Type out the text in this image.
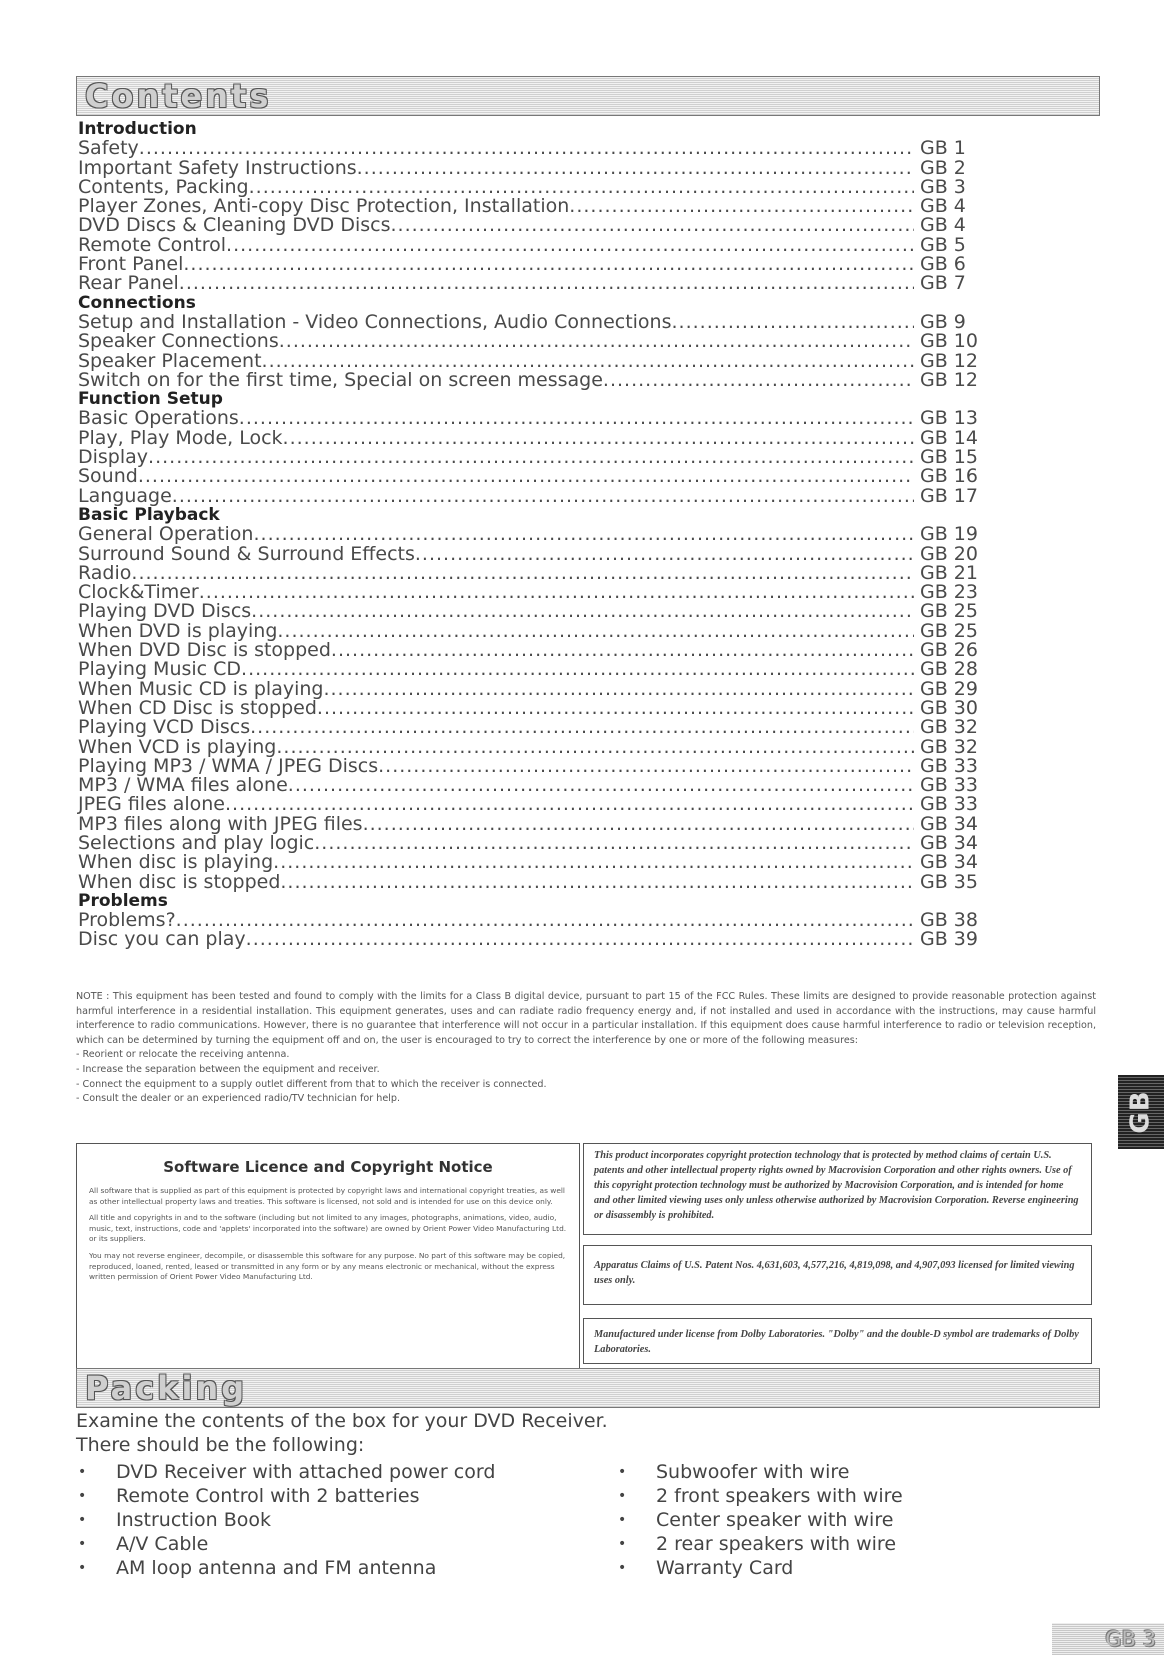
Contents
Introduction
Safety .....	GB 1
Important Safety Instructions .....	GB 2
Contents, Packing .....	GB 3
Player Zones, Anti-copy Disc Protection, Installation .....	GB 4
DVD Discs & Cleaning DVD Discs .....	GB 4
Remote Control .....	GB 5
Front Panel .....	GB 6
Rear Panel .....	GB 7
Connections
Setup and Installation - Video Connections, Audio Connections .....	GB 9
Speaker Connections .....	GB 10
Speaker Placement .....	GB 12
Switch on for the first time, Special on screen message .....	GB 12
Function Setup
Basic Operations .....	GB 13
Play, Play Mode, Lock .....	GB 14
Display .....	GB 15
Sound .....	GB 16
Language .....	GB 17
Basic Playback
General Operation .....	GB 19
Surround Sound & Surround Effects .....	GB 20
Radio .....	GB 21
Clock&Timer .....	GB 23
Playing DVD Discs .....	GB 25
When DVD is playing .....	GB 25
When DVD Disc is stopped .....	GB 26
Playing Music CD .....	GB 28
When Music CD is playing .....	GB 29
When CD Disc is stopped .....	GB 30
Playing VCD Discs .....	GB 32
When VCD is playing .....	GB 32
Playing MP3 / WMA / JPEG Discs .....	GB 33
MP3 / WMA files alone .....	GB 33
JPEG files alone .....	GB 33
MP3 files along with JPEG files .....	GB 34
Selections and play logic .....	GB 34
When disc is playing .....	GB 34
When disc is stopped .....	GB 35
Problems
Problems? .....	GB 38
Disc you can play .....	GB 39

NOTE : This equipment has been tested and found to comply with the limits for a Class B digital device, pursuant to part 15 of the FCC Rules. These limits are designed to provide reasonable protection against harmful interference in a residential installation. This equipment generates, uses and can radiate radio frequency energy and, if not installed and used in accordance with the instructions, may cause harmful interference to radio communications. However, there is no guarantee that interference will not occur in a particular installation. If this equipment does cause harmful interference to radio or television reception, which can be determined by turning the equipment off and on, the user is encouraged to try to correct the interference by one or more of the following measures:

- Reorient or relocate the receiving antenna.

- Increase the separation between the equipment and receiver.

- Connect the equipment to a supply outlet different from that to which the receiver is connected.

- Consult the dealer or an experienced radio/TV technician for help.

Software Licence and Copyright Notice

All software that is supplied as part of this equipment is protected by copyright laws and international copyright treaties, as well as other intellectual property laws and treaties. This software is licensed, not sold and is intended for use on this device only.

All title and copyrights in and to the software (including but not limited to any images, photographs, animations, video, audio, music, text, instructions, code and 'applets' incorporated into the software) are owned by Orient Power Video Manufacturing Ltd. or its suppliers.

You may not reverse engineer, decompile, or disassemble this software for any purpose. No part of this software may be copied, reproduced, loaned, rented, leased or transmitted in any form or by any means electronic or mechanical, without the express written permission of Orient Power Video Manufacturing Ltd.

This product incorporates copyright protection technology that is protected by method claims of certain U.S. patents and other intellectual property rights owned by Macrovision Corporation and other rights owners. Use of this copyright protection technology must be authorized by Macrovision Corporation, and is intended for home and other limited viewing uses only unless otherwise authorized by Macrovision Corporation. Reverse engineering or disassembly is prohibited.

Apparatus Claims of U.S. Patent Nos. 4,631,603, 4,577,216, 4,819,098, and 4,907,093 licensed for limited viewing uses only.

Manufactured under license from Dolby Laboratories. "Dolby" and the double-D symbol are trademarks of Dolby Laboratories.

Packing

Examine the contents of the box for your DVD Receiver.

There should be the following:

• DVD Receiver with attached power cord
• Remote Control with 2 batteries
• Instruction Book
• A/V Cable
• AM loop antenna and FM antenna
• Subwoofer with wire
• 2 front speakers with wire
• Center speaker with wire
• 2 rear speakers with wire
• Warranty Card
GB
GB 3
